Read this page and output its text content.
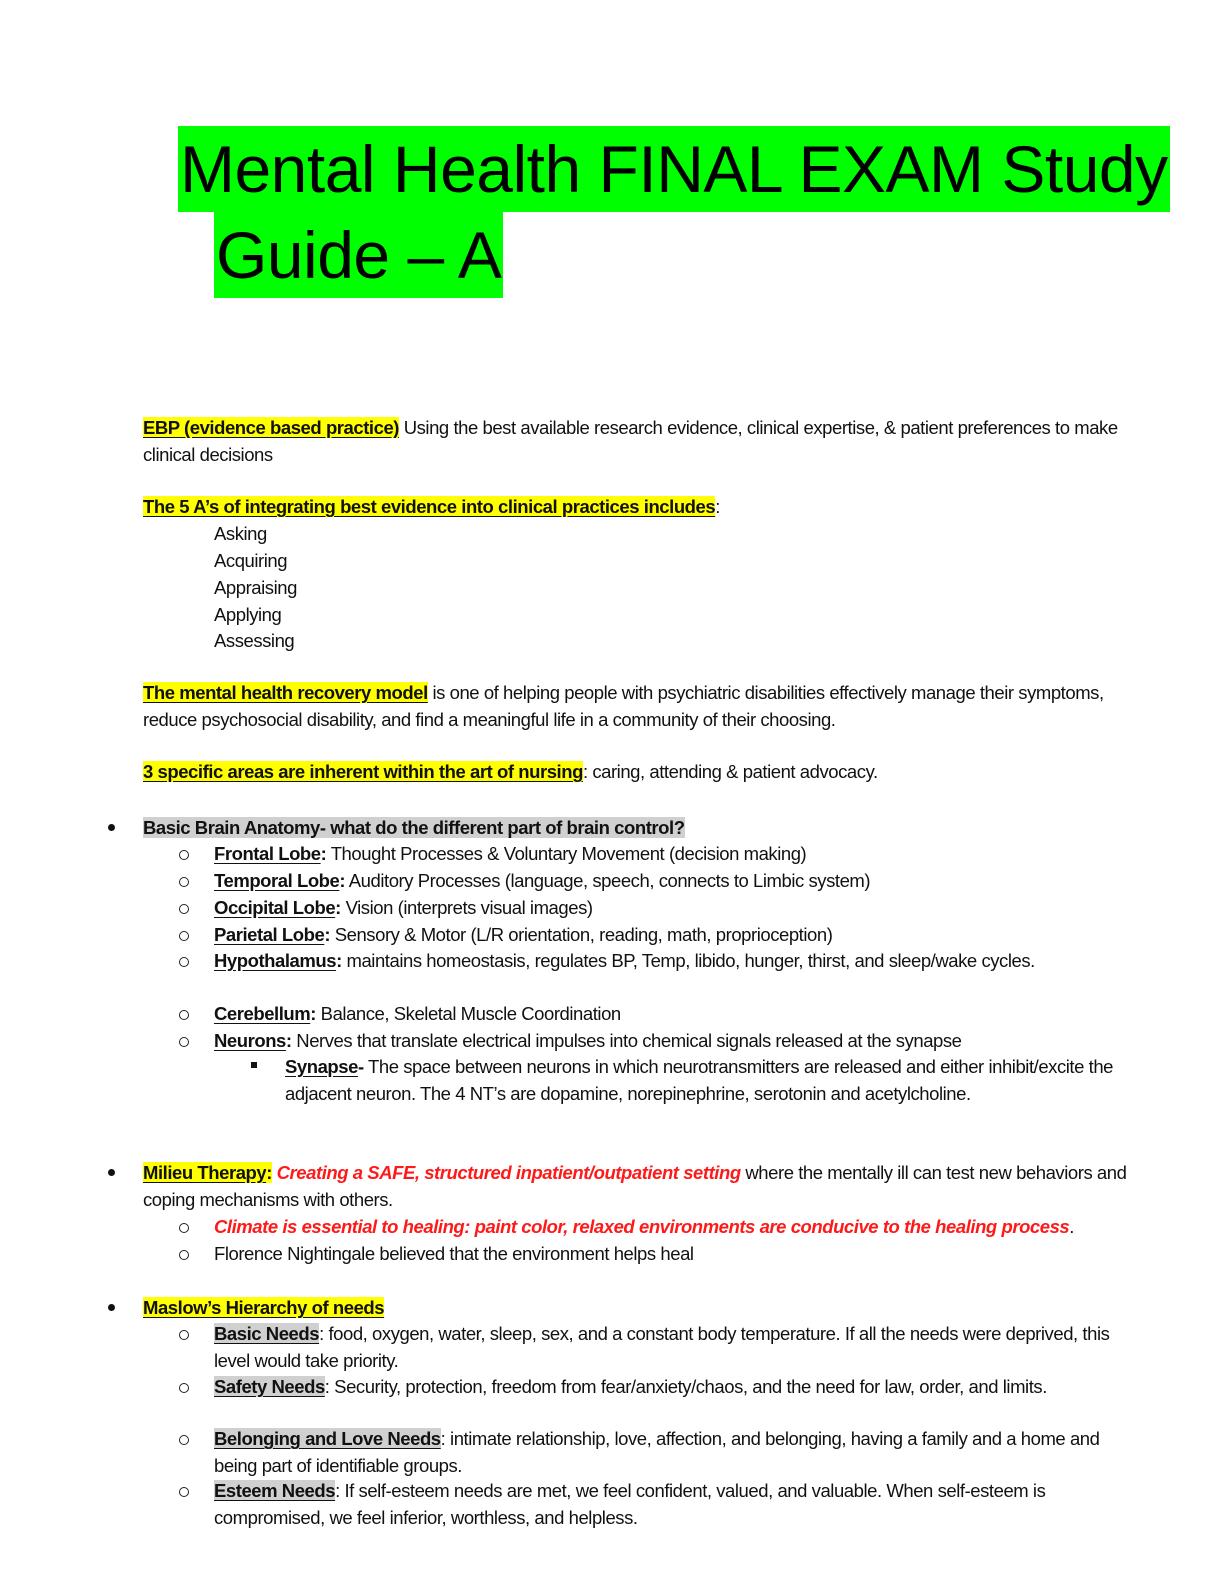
Mental Health FINAL EXAM Study
Guide – A
EBP (evidence based practice) Using the best available research evidence, clinical expertise, & patient preferences to make clinical decisions
The 5 A’s of integrating best evidence into clinical practices includes:
Asking
Acquiring
Appraising
Applying
Assessing
The mental health recovery model is one of helping people with psychiatric disabilities effectively manage their symptoms, reduce psychosocial disability, and find a meaningful life in a community of their choosing.
3 specific areas are inherent within the art of nursing: caring, attending & patient advocacy.
Basic Brain Anatomy- what do the different part of brain control?
Frontal Lobe: Thought Processes & Voluntary Movement (decision making)
Temporal Lobe: Auditory Processes (language, speech, connects to Limbic system)
Occipital Lobe: Vision (interprets visual images)
Parietal Lobe: Sensory & Motor (L/R orientation, reading, math, proprioception)
Hypothalamus: maintains homeostasis, regulates BP, Temp, libido, hunger, thirst, and sleep/wake cycles.
Cerebellum: Balance, Skeletal Muscle Coordination
Neurons: Nerves that translate electrical impulses into chemical signals released at the synapse
Synapse- The space between neurons in which neurotransmitters are released and either inhibit/excite the adjacent neuron. The 4 NT’s are dopamine, norepinephrine, serotonin and acetylcholine.
Milieu Therapy: Creating a SAFE, structured inpatient/outpatient setting where the mentally ill can test new behaviors and coping mechanisms with others.
Climate is essential to healing: paint color, relaxed environments are conducive to the healing process.
Florence Nightingale believed that the environment helps heal
Maslow’s Hierarchy of needs
Basic Needs: food, oxygen, water, sleep, sex, and a constant body temperature. If all the needs were deprived, this level would take priority.
Safety Needs: Security, protection, freedom from fear/anxiety/chaos, and the need for law, order, and limits.
Belonging and Love Needs: intimate relationship, love, affection, and belonging, having a family and a home and being part of identifiable groups.
Esteem Needs: If self-esteem needs are met, we feel confident, valued, and valuable. When self-esteem is compromised, we feel inferior, worthless, and helpless.
